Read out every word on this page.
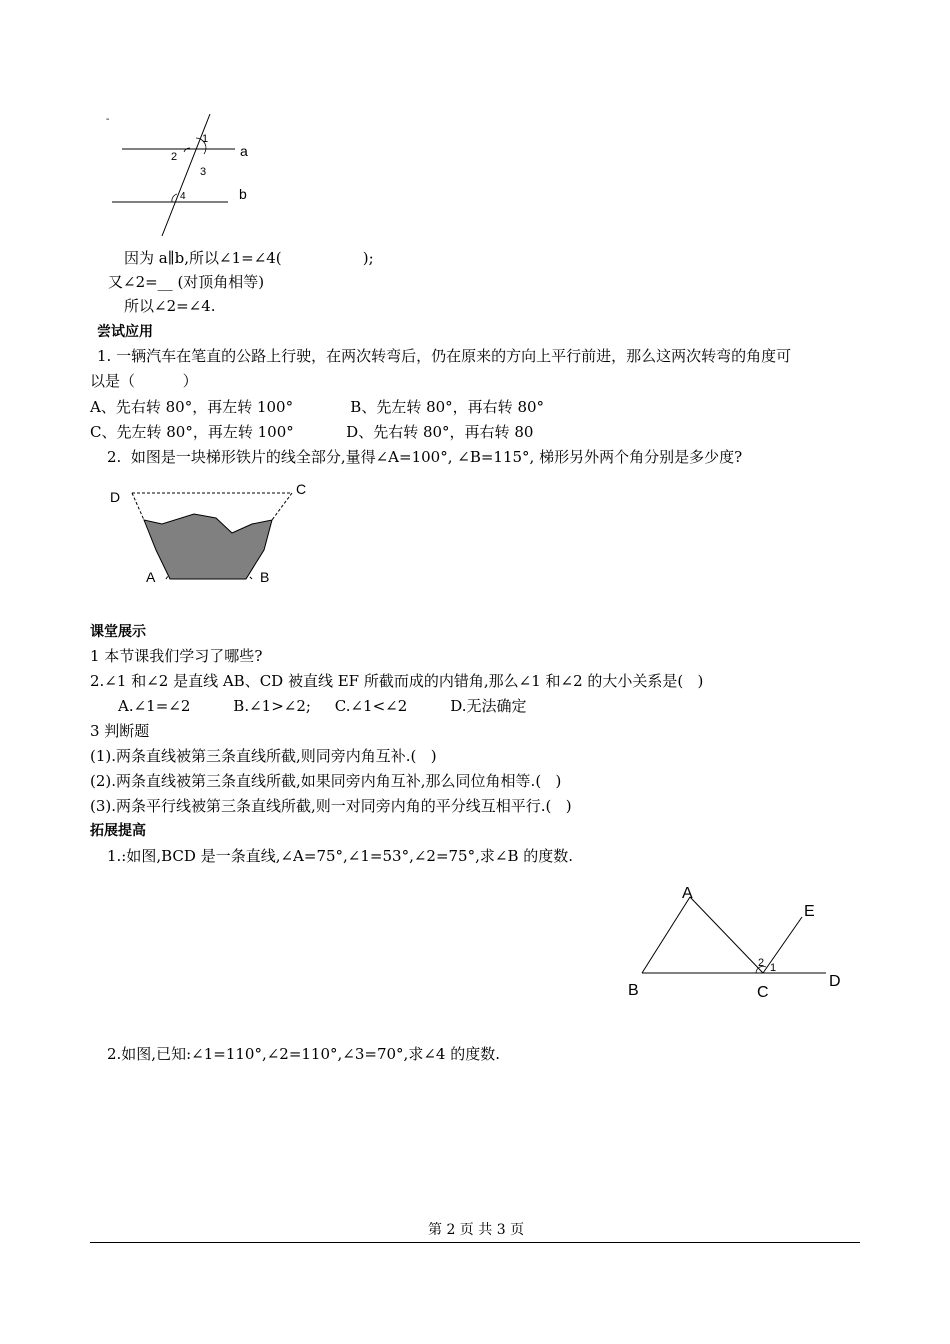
1
2
3
4
a
b
-
因为 a∥b,所以∠1=∠4(                 );
又∠2=__ (对顶角相等)
所以∠2=∠4.
尝试应用
1. 一辆汽车在笔直的公路上行驶，在两次转弯后，仍在原来的方向上平行前进，那么这两次转弯的角度可
以是（          ）
A、先右转 80°，再左转 100°            B、先左转 80°，再右转 80°
C、先左转 80°，再左转 100°           D、先右转 80°，再右转 80
2.  如图是一块梯形铁片的线全部分,量得∠A=100°, ∠B=115°, 梯形另外两个角分别是多少度?
D	C
A	B
课堂展示
1 本节课我们学习了哪些?
2.∠1 和∠2 是直线 AB、CD 被直线 EF 所截而成的内错角,那么∠1 和∠2 的大小关系是(   )
A.∠1=∠2         B.∠1>∠2;     C.∠1<∠2         D.无法确定
3 判断题
(1).两条直线被第三条直线所截,则同旁内角互补.(   )
(2).两条直线被第三条直线所截,如果同旁内角互补,那么同位角相等.(   )
(3).两条平行线被第三条直线所截,则一对同旁内角的平分线互相平行.(   )
拓展提高
1.:如图,BCD 是一条直线,∠A=75°,∠1=53°,∠2=75°,求∠B 的度数.
A
E
B	C
D
2 1
2.如图,已知:∠1=110°,∠2=110°,∠3=70°,求∠4 的度数.
第 2 页 共 3 页
